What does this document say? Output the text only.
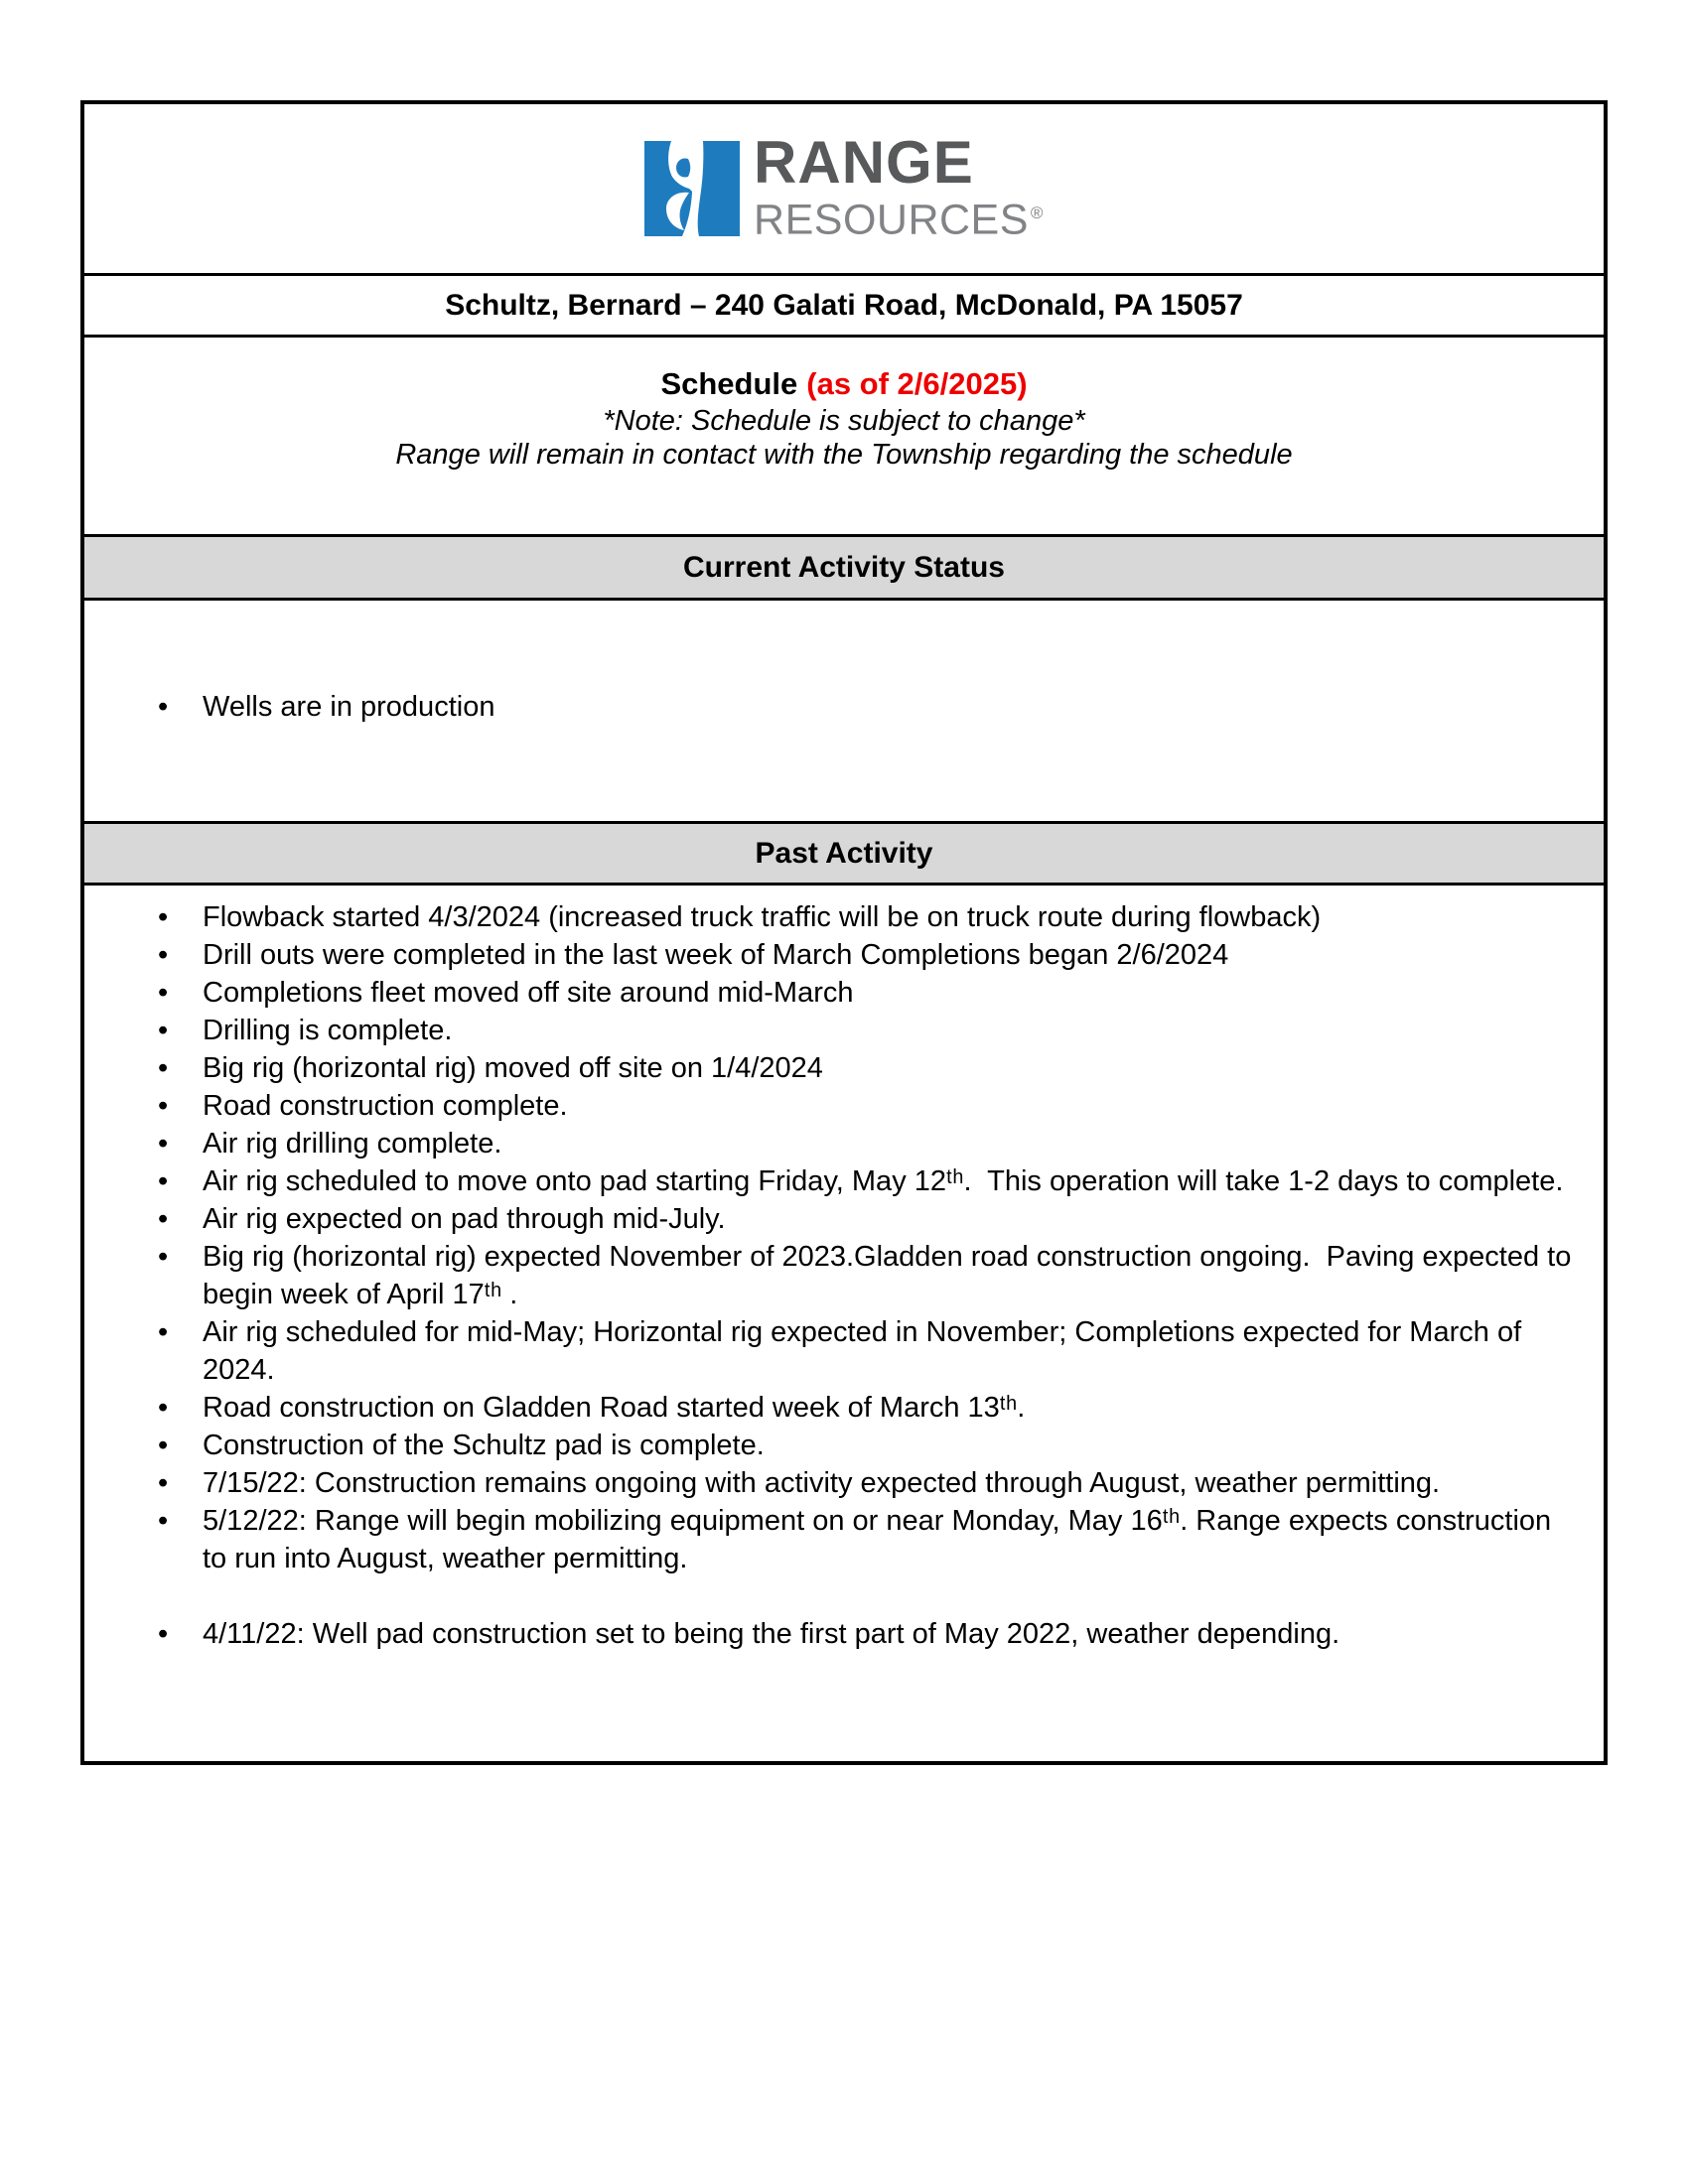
RANGE
RESOURCES ®
Schultz, Bernard – 240 Galati Road, McDonald, PA 15057
Schedule (as of 2/6/2025)
*Note: Schedule is subject to change*
Range will remain in contact with the Township regarding the schedule
Current Activity Status
• Wells are in production
Past Activity
• Flowback started 4/3/2024 (increased truck traffic will be on truck route during flowback)
• Drill outs were completed in the last week of March Completions began 2/6/2024
• Completions fleet moved off site around mid-March
• Drilling is complete.
• Big rig (horizontal rig) moved off site on 1/4/2024
• Road construction complete.
• Air rig drilling complete.
• Air rig scheduled to move onto pad starting Friday, May 12ᵗʰ.  This operation will take 1-2 days to complete.
• Air rig expected on pad through mid-July.
• Big rig (horizontal rig) expected November of 2023.Gladden road construction ongoing.  Paving expected to begin week of April 17ᵗʰ .
• Air rig scheduled for mid-May; Horizontal rig expected in November; Completions expected for March of 2024.
• Road construction on Gladden Road started week of March 13ᵗʰ.
• Construction of the Schultz pad is complete.
• 7/15/22: Construction remains ongoing with activity expected through August, weather permitting.
• 5/12/22: Range will begin mobilizing equipment on or near Monday, May 16ᵗʰ. Range expects construction to run into August, weather permitting.
• 4/11/22: Well pad construction set to being the first part of May 2022, weather depending.
